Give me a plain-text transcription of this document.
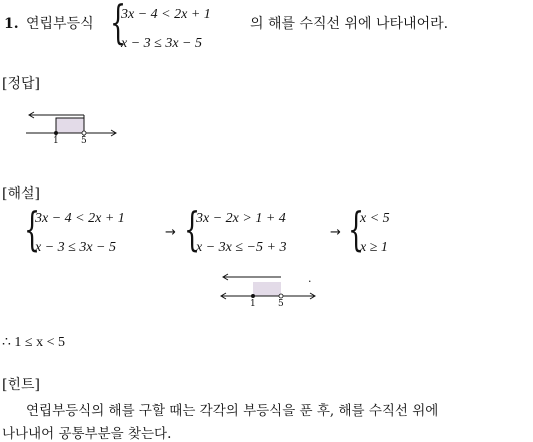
1. 연립부등식 {
3x − 4 < 2x + 1
x − 3 ≤ 3x − 5
의 해를 수직선 위에 나타내어라.
[정답]
1 5
[해설]
{
3x − 4 < 2x + 1
x − 3 ≤ 3x − 5
→ {
3x − 2x > 1 + 4
x − 3x ≤ −5 + 3
→ {
x < 5
x ≥ 1
1 5
.
∴ 1 ≤ x < 5
[힌트]
연립부등식의 해를 구할 때는 각각의 부등식을 푼 후, 해를 수직선 위에
나나내어 공통부분을 찾는다.
